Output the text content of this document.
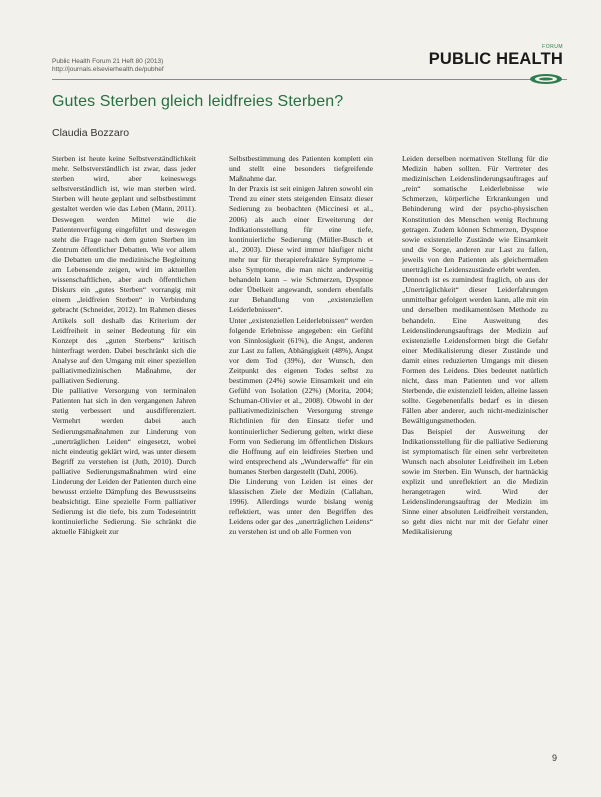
Public Health Forum 21 Heft 80 (2013)
http://journals.elsevierhealth.de/pubhef
FORUM
PUBLIC HEALTH
Gutes Sterben gleich leidfreies Sterben?
Claudia Bozzaro

Sterben ist heute keine Selbstverständlichkeit mehr. Selbstverständlich ist zwar, dass jeder sterben wird, aber keineswegs selbstverständlich ist, wie man sterben wird. Sterben will heute geplant und selbstbestimmt gestaltet werden wie das Leben (Mann, 2011). Deswegen werden Mittel wie die Patientenverfügung eingeführt und deswegen steht die Frage nach dem guten Sterben im Zentrum öffentlicher Debatten. Wie vor allem die Debatten um die medizinische Begleitung am Lebensende zeigen, wird im aktuellen wissenschaftlichen, aber auch öffentlichen Diskurs ein „gutes Sterben“ vorrangig mit einem „leidfreien Sterben“ in Verbindung gebracht (Schneider, 2012). Im Rahmen dieses Artikels soll deshalb das Kriterium der Leidfreiheit in seiner Bedeutung für ein Konzept des „guten Sterbens“ kritisch hinterfragt werden. Dabei beschränkt sich die Analyse auf den Umgang mit einer speziellen palliativmedizinischen Maßnahme, der palliativen Sedierung.

Die palliative Versorgung von terminalen Patienten hat sich in den vergangenen Jahren stetig verbessert und ausdifferenziert. Vermehrt werden dabei auch Sedierungsmaßnahmen zur Linderung von „unerträglichen Leiden“ eingesetzt, wobei nicht eindeutig geklärt wird, was unter diesem Begriff zu verstehen ist (Juth, 2010). Durch palliative Sedierungsmaßnahmen wird eine Linderung der Leiden der Patienten durch eine bewusst erzielte Dämpfung des Bewusstseins beabsichtigt. Eine spezielle Form palliativer Sedierung ist die tiefe, bis zum Todeseintritt kontinuierliche Sedierung. Sie schränkt die aktuelle Fähigkeit zur

Selbstbestimmung des Patienten komplett ein und stellt eine besonders tiefgreifende Maßnahme dar.

In der Praxis ist seit einigen Jahren sowohl ein Trend zu einer stets steigenden Einsatz dieser Sedierung zu beobachten (Miccinesi et al., 2006) als auch einer Erweiterung der Indikationsstellung für eine tiefe, kontinuierliche Sedierung (Müller-Busch et al., 2003). Diese wird immer häufiger nicht mehr nur für therapierefraktäre Symptome – also Symptome, die man nicht anderweitig behandeln kann – wie Schmerzen, Dyspnoe oder Übelkeit angewandt, sondern ebenfalls zur Behandlung von „existenziellen Leiderlebnissen“.

Unter „existenziellen Leiderlebnissen“ werden folgende Erlebnisse angegeben: ein Gefühl von Sinnlosigkeit (61%), die Angst, anderen zur Last zu fallen, Abhängigkeit (48%), Angst vor dem Tod (39%), der Wunsch, den Zeitpunkt des eigenen Todes selbst zu bestimmen (24%) sowie Einsamkeit und ein Gefühl von Isolation (22%) (Morita, 2004; Schuman-Olivier et al., 2008). Obwohl in der palliativmedizinischen Versorgung strenge Richtlinien für den Einsatz tiefer und kontinuierlicher Sedierung gelten, wirkt diese Form von Sedierung im öffentlichen Diskurs die Hoffnung auf ein leidfreies Sterben und wird entsprechend als „Wunderwaffe“ für ein humanes Sterben dargestellt (Dahl, 2006).

Die Linderung von Leiden ist eines der klassischen Ziele der Medizin (Callahan, 1996). Allerdings wurde bislang wenig reflektiert, was unter den Begriffen des Leidens oder gar des „unerträglichen Leidens“ zu verstehen ist und ob alle Formen von

Leiden derselben normativen Stellung für die Medizin haben sollten. Für Vertreter des medizinischen Leidenslinderungsauftrages auf „rein“ somatische Leiderlebnisse wie Schmerzen, körperliche Erkrankungen und Behinderung wird der psycho-physischen Konstitution des Menschen wenig Rechnung getragen. Zudem können Schmerzen, Dyspnoe sowie existenzielle Zustände wie Einsamkeit und die Sorge, anderen zur Last zu fallen, jeweils von den Patienten als gleichermaßen unerträgliche Leidenszustände erlebt werden.

Dennoch ist es zumindest fraglich, ob aus der „Unerträglichkeit“ dieser Leiderfahrungen unmittelbar gefolgert werden kann, alle mit ein und derselben medikamentösen Methode zu behandeln. Eine Ausweitung des Leidenslinderungsauftrags der Medizin auf existenzielle Leidensformen birgt die Gefahr einer Medikalisierung dieser Zustände und damit eines reduzierten Umgangs mit diesen Formen des Leidens. Dies bedeutet natürlich nicht, dass man Patienten und vor allem Sterbende, die existenziell leiden, alleine lassen sollte. Gegebenenfalls bedarf es in diesen Fällen aber anderer, auch nicht-medizinischer Bewältigungsmethoden.

Das Beispiel der Ausweitung der Indikationsstellung für die palliative Sedierung ist symptomatisch für einen sehr verbreiteten Wunsch nach absoluter Leidfreiheit im Leben sowie im Sterben. Ein Wunsch, der hartnäckig explizit und unreflektiert an die Medizin herangetragen wird. Wird der Leidenslinderungsauftrag der Medizin im Sinne einer absoluten Leidfreiheit verstanden, so geht dies nicht nur mit der Gefahr einer Medikalisierung

9
